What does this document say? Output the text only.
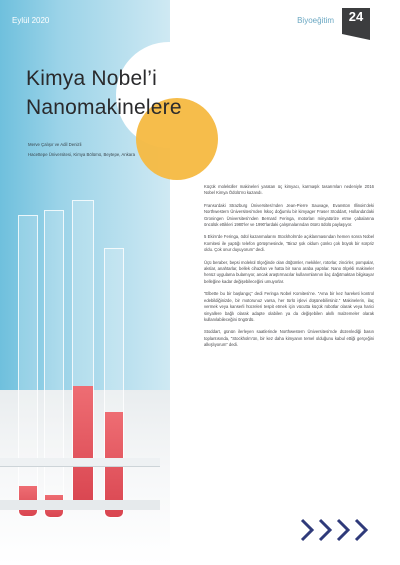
Eylül 2020	Biyoeğitim	24
Kimya Nobel’i
Nanomakinelere
Merve Çalışır ve Adil Denizli
Hacettepe Üniversitesi, Kimya Bölümü, Beytepe, Ankara

Küçük moleküller makineleri yaratan üç kimyacı, karmaşık tasarımları nedeniyle 2016 Nobel Kimya Ödülü’nü kazandı.

Fransa’daki Strazburg Üniversitesi’nden Jean-Pierre Sauvage, Evanston Illinois’deki Northwestern Üniversitesi’nden İskoç doğumlu bir kimyager Fraser Stoddart, Hollanda’daki Groningen Üniversitesi’nden Bernard Feringa, motorları minyatürize etme çabalarına öncülük ettikleri 1980’ler ve 1990’lardaki çalışmalarından ötürü ödülü paylaşıyor.

5 Ekim’de Feringa, ödül kazanmalarını Stockholm’de açıklanmasından hemen sonra Nobel Komitesi ile yaptığı telefon görüşmesinde, “Biraz şok oldum çünkü çok büyük bir sürpriz oldu. Çok onur duyuyorum” dedi.

Üçü beraber, bepsi molekül ölçeğinde olan döğümler, mekikler, rotorlar, zincirler, pompalar, akslar, anahtarlar, bellek cihazları ve hatta bir nano araba yaptılar. Nano ölçekli makineler henüz uygulama bulamıyor, ancak araştırmacılar kullanımlarının ilaç dağıtmaktan bilgisayar belleğine kadar değişebileceğini umuyorlar.

“Elbette bu bir başlangıç” dedi Feringa Nobel Komitesi’ne. “Ama bir kez hareketi kontrol edebildiğinizde, bir motorunuz varsa, her türlü işlevi düşünebilirsiniz.” Makinelerin, ilaç vermek veya kanserli hücreleri tespit etmek için vücutta küçük robotlar olarak veya harici sinyallere bağlı olarak adapte olabilen ya da değişebilen akıllı malzemeler olarak kullanılabileceğini öngördü.

Stoddart, günün ilerleyen saatlerinde Northwestern Üniversitesi’nde düzenlediği basın toplantısında, “Stockholm’ün, bir kez daha kimyanın temel olduğunu kabul ettiği gerçeğini alkışlıyorum” dedi.
